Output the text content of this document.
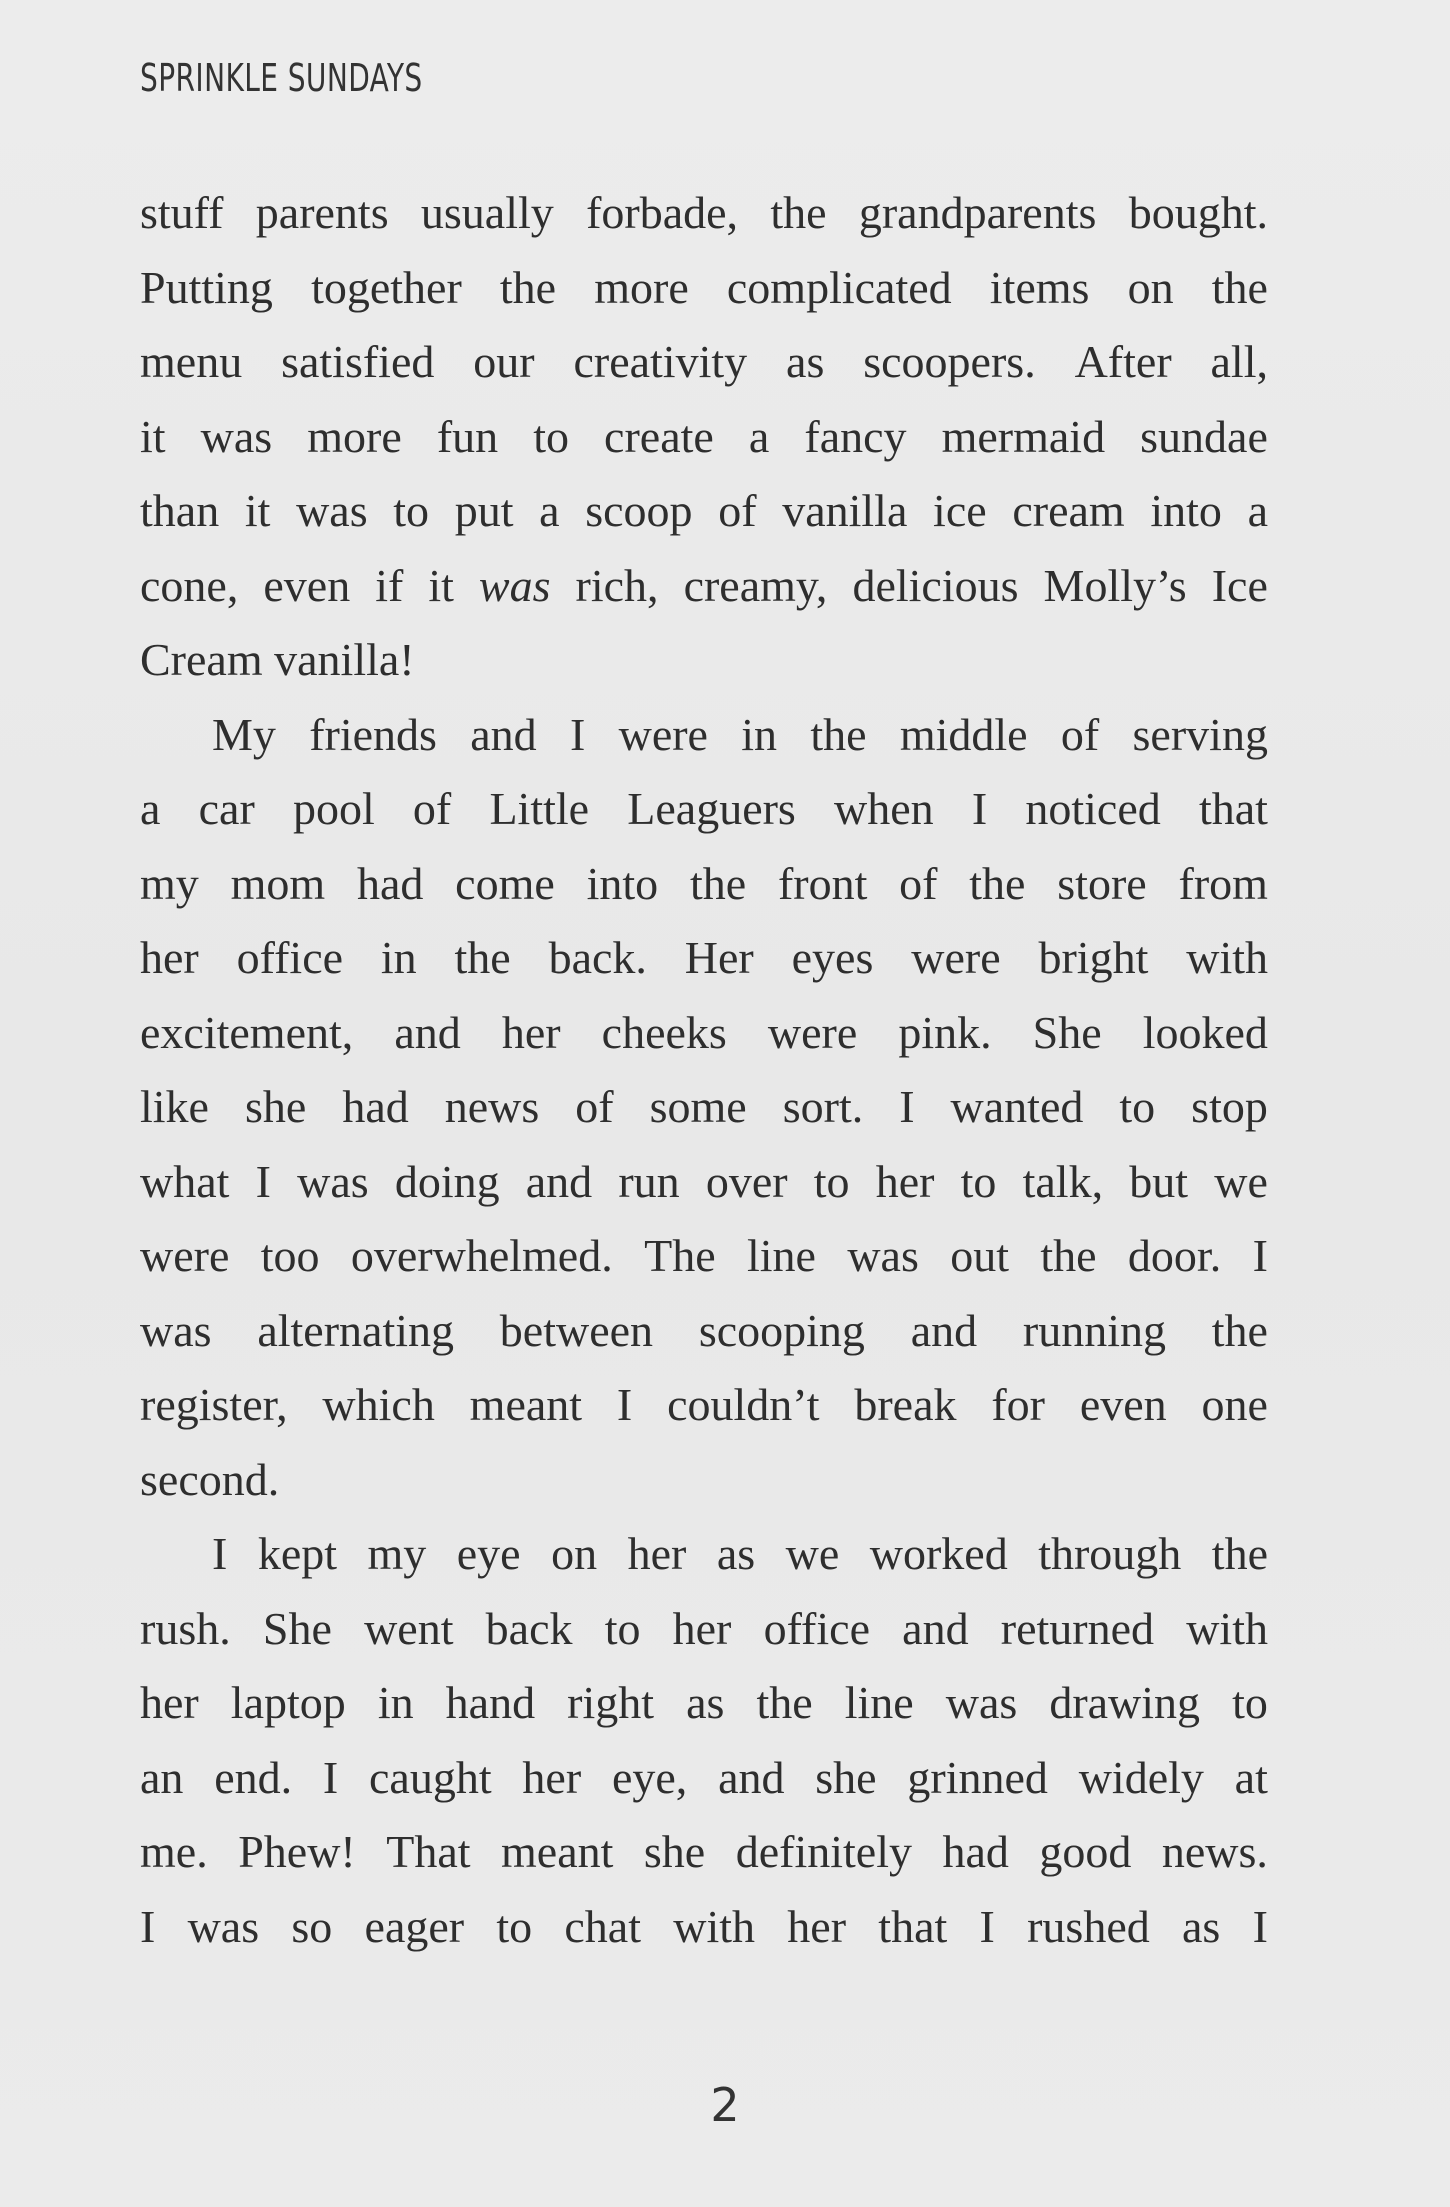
SPRINKLE SUNDAYS
stuff parents usually forbade, the grandparents bought.
Putting together the more complicated items on the
menu satisfied our creativity as scoopers. After all,
it was more fun to create a fancy mermaid sundae
than it was to put a scoop of vanilla ice cream into a
cone, even if it was rich, creamy, delicious Molly’s Ice
Cream vanilla!
My friends and I were in the middle of serving
a car pool of Little Leaguers when I noticed that
my mom had come into the front of the store from
her office in the back. Her eyes were bright with
excitement, and her cheeks were pink. She looked
like she had news of some sort. I wanted to stop
what I was doing and run over to her to talk, but we
were too overwhelmed. The line was out the door. I
was alternating between scooping and running the
register, which meant I couldn’t break for even one
second.
I kept my eye on her as we worked through the
rush. She went back to her office and returned with
her laptop in hand right as the line was drawing to
an end. I caught her eye, and she grinned widely at
me. Phew! That meant she definitely had good news.
I was so eager to chat with her that I rushed as I
2
